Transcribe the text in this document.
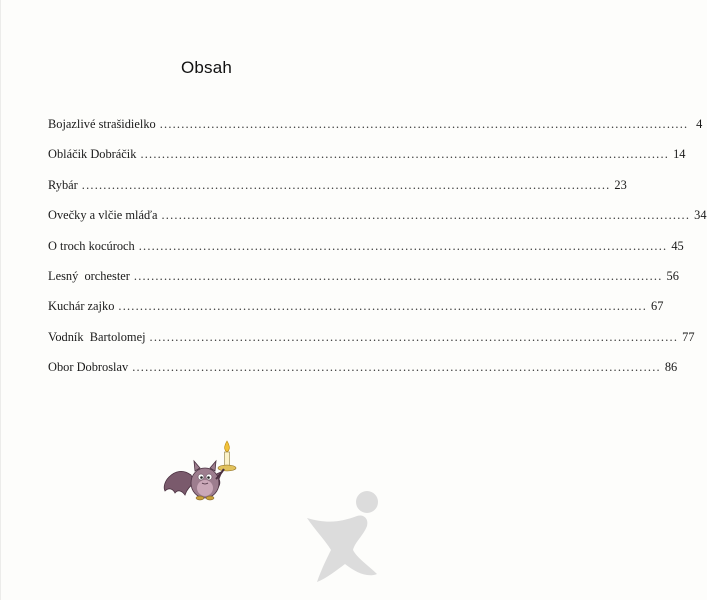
Obsah
Bojazlivé strašidielko ........................................................................................................................... 4
Obláčik Dobráčik ........................................................................................................................... 14
Rybár ........................................................................................................................... 23
Ovečky a vlčie mláďa ........................................................................................................................... 34
O troch kocúroch ........................................................................................................................... 45
Lesný  orchester ........................................................................................................................... 56
Kuchár zajko ........................................................................................................................... 67
Vodník  Bartolomej ........................................................................................................................... 77
Obor Dobroslav ........................................................................................................................... 86
